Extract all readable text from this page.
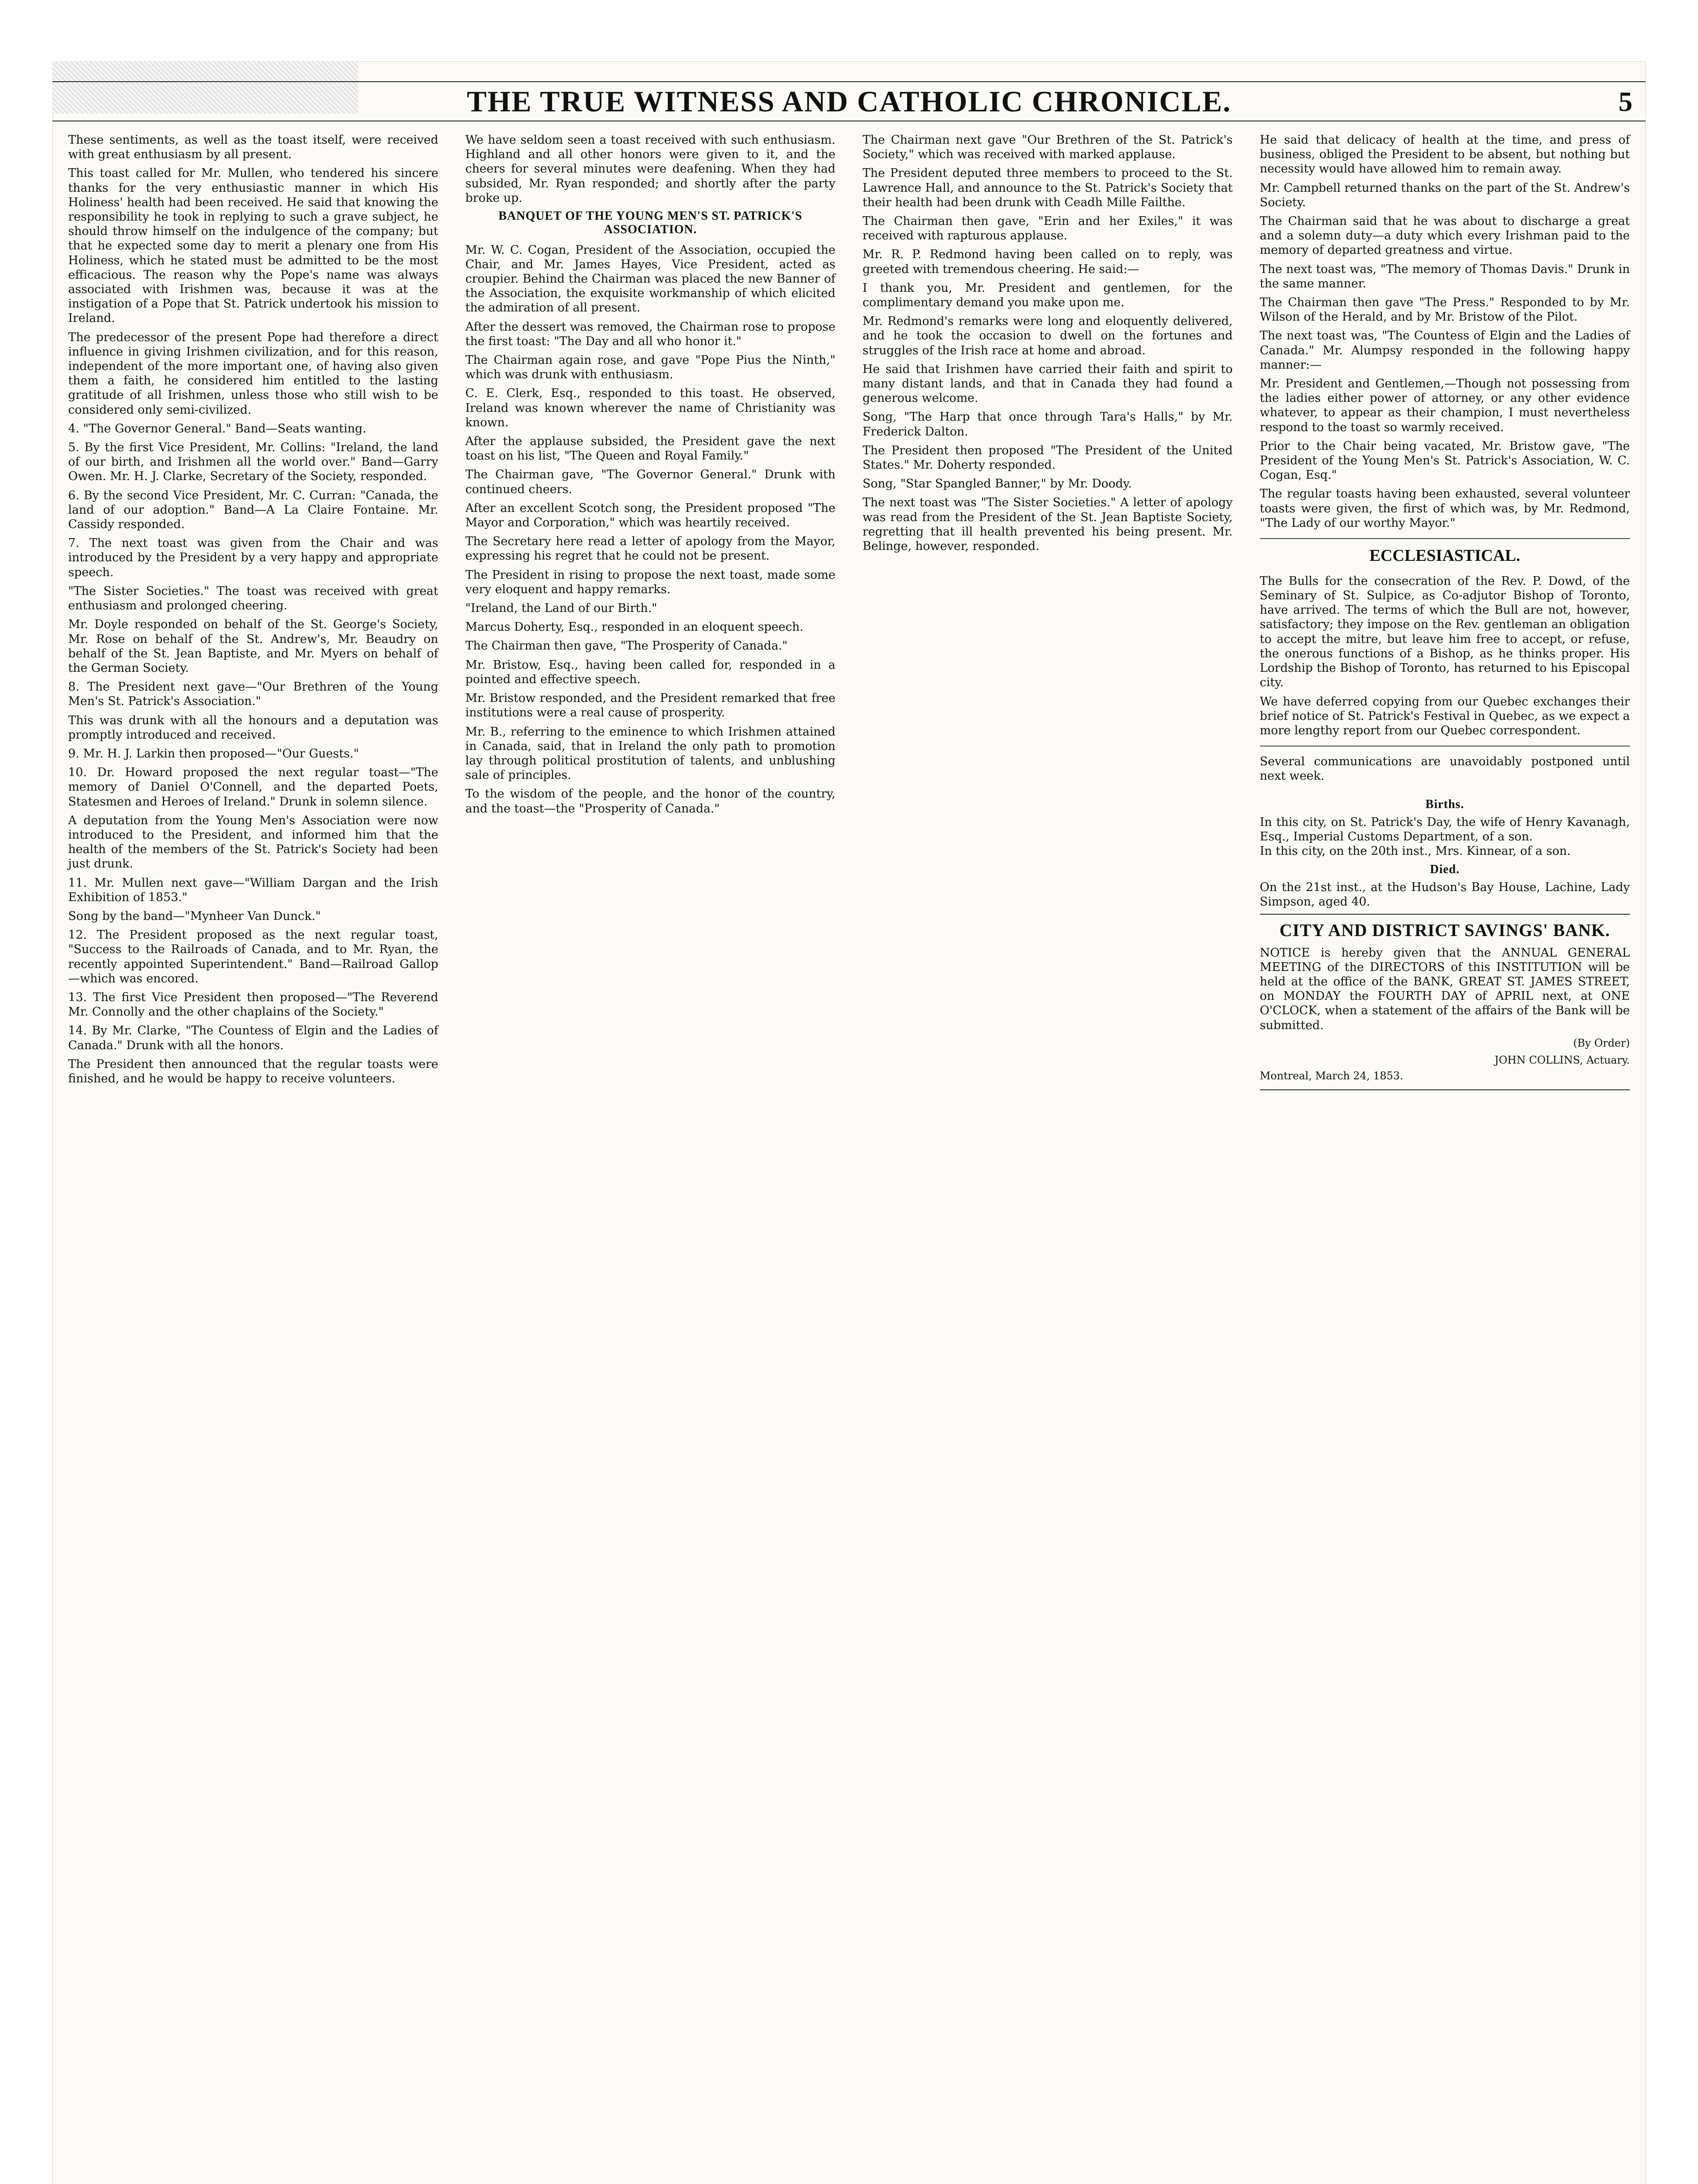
THE TRUE WITNESS AND CATHOLIC CHRONICLE.	5

These sentiments, as well as the toast itself, were received with great enthusiasm by all present.

This toast called for Mr. Mullen, who tendered his sincere thanks for the very enthusiastic manner in which His Holiness' health had been received. He said that knowing the responsibility he took in replying to such a grave subject, he should throw himself on the indulgence of the company; but that he expected some day to merit a plenary one from His Holiness, which he stated must be admitted to be the most efficacious. The reason why the Pope's name was always associated with Irishmen was, because it was at the instigation of a Pope that St. Patrick undertook his mission to Ireland.

The predecessor of the present Pope had therefore a direct influence in giving Irishmen civilization, and for this reason, independent of the more important one, of having also given them a faith, he considered him entitled to the lasting gratitude of all Irishmen, unless those who still wish to be considered only semi-civilized.

4. "The Governor General." Band—Seats wanting.

5. By the first Vice President, Mr. Collins: "Ireland, the land of our birth, and Irishmen all the world over." Band—Garry Owen. Mr. H. J. Clarke, Secretary of the Society, responded.

6. By the second Vice President, Mr. C. Curran: "Canada, the land of our adoption." Band—A La Claire Fontaine. Mr. Cassidy responded.

7. The next toast was given from the Chair and was introduced by the President by a very happy and appropriate speech.

"The Sister Societies." The toast was received with great enthusiasm and prolonged cheering.

Mr. Doyle responded on behalf of the St. George's Society, Mr. Rose on behalf of the St. Andrew's, Mr. Beaudry on behalf of the St. Jean Baptiste, and Mr. Myers on behalf of the German Society.

8. The President next gave—"Our Brethren of the Young Men's St. Patrick's Association."

This was drunk with all the honours and a deputation was promptly introduced and received.

9. Mr. H. J. Larkin then proposed—"Our Guests."

10. Dr. Howard proposed the next regular toast—"The memory of Daniel O'Connell, and the departed Poets, Statesmen and Heroes of Ireland." Drunk in solemn silence.

A deputation from the Young Men's Association were now introduced to the President, and informed him that the health of the members of the St. Patrick's Society had been just drunk.

11. Mr. Mullen next gave—"William Dargan and the Irish Exhibition of 1853."

Song by the band—"Mynheer Van Dunck."

12. The President proposed as the next regular toast, "Success to the Railroads of Canada, and to Mr. Ryan, the recently appointed Superintendent." Band—Railroad Gallop—which was encored.

13. The first Vice President then proposed—"The Reverend Mr. Connolly and the other chaplains of the Society."

14. By Mr. Clarke, "The Countess of Elgin and the Ladies of Canada." Drunk with all the honors.

The President then announced that the regular toasts were finished, and he would be happy to receive volunteers.

We have seldom seen a toast received with such enthusiasm. Highland and all other honors were given to it, and the cheers for several minutes were deafening. When they had subsided, Mr. Ryan responded; and shortly after the party broke up.

BANQUET OF THE YOUNG MEN'S ST. PATRICK'S ASSOCIATION.

Mr. W. C. Cogan, President of the Association, occupied the Chair, and Mr. James Hayes, Vice President, acted as croupier. Behind the Chairman was placed the new Banner of the Association, the exquisite workmanship of which elicited the admiration of all present.

After the dessert was removed, the Chairman rose to propose the first toast: "The Day and all who honor it."

The Chairman again rose, and gave "Pope Pius the Ninth," which was drunk with enthusiasm.

C. E. Clerk, Esq., responded to this toast. He observed, Ireland was known wherever the name of Christianity was known.

After the applause subsided, the President gave the next toast on his list, "The Queen and Royal Family."

The Chairman gave, "The Governor General." Drunk with continued cheers.

After an excellent Scotch song, the President proposed "The Mayor and Corporation," which was heartily received.

The Secretary here read a letter of apology from the Mayor, expressing his regret that he could not be present.

The President in rising to propose the next toast, made some very eloquent and happy remarks.

"Ireland, the Land of our Birth."

Marcus Doherty, Esq., responded in an eloquent speech.

The Chairman then gave, "The Prosperity of Canada."

Mr. Bristow, Esq., having been called for, responded in a pointed and effective speech.

Mr. Bristow responded, and the President remarked that free institutions were a real cause of prosperity.

Mr. B., referring to the eminence to which Irishmen attained in Canada, said, that in Ireland the only path to promotion lay through political prostitution of talents, and unblushing sale of principles.

To the wisdom of the people, and the honor of the country, and the toast—the "Prosperity of Canada."

The Chairman next gave "Our Brethren of the St. Patrick's Society," which was received with marked applause.

The President deputed three members to proceed to the St. Lawrence Hall, and announce to the St. Patrick's Society that their health had been drunk with Ceadh Mille Failthe.

The Chairman then gave, "Erin and her Exiles," it was received with rapturous applause.

Mr. R. P. Redmond having been called on to reply, was greeted with tremendous cheering. He said:—

I thank you, Mr. President and gentlemen, for the complimentary demand you make upon me.

Mr. Redmond's remarks were long and eloquently delivered, and he took the occasion to dwell on the fortunes and struggles of the Irish race at home and abroad.

He said that Irishmen have carried their faith and spirit to many distant lands, and that in Canada they had found a generous welcome.

Song, "The Harp that once through Tara's Halls," by Mr. Frederick Dalton.

The President then proposed "The President of the United States." Mr. Doherty responded.

Song, "Star Spangled Banner," by Mr. Doody.

The next toast was "The Sister Societies." A letter of apology was read from the President of the St. Jean Baptiste Society, regretting that ill health prevented his being present. Mr. Belinge, however, responded.

He said that delicacy of health at the time, and press of business, obliged the President to be absent, but nothing but necessity would have allowed him to remain away.

Mr. Campbell returned thanks on the part of the St. Andrew's Society.

The Chairman said that he was about to discharge a great and a solemn duty—a duty which every Irishman paid to the memory of departed greatness and virtue.

The next toast was, "The memory of Thomas Davis." Drunk in the same manner.

The Chairman then gave "The Press." Responded to by Mr. Wilson of the Herald, and by Mr. Bristow of the Pilot.

The next toast was, "The Countess of Elgin and the Ladies of Canada." Mr. Alumpsy responded in the following happy manner:—

Mr. President and Gentlemen,—Though not possessing from the ladies either power of attorney, or any other evidence whatever, to appear as their champion, I must nevertheless respond to the toast so warmly received.

Prior to the Chair being vacated, Mr. Bristow gave, "The President of the Young Men's St. Patrick's Association, W. C. Cogan, Esq."

The regular toasts having been exhausted, several volunteer toasts were given, the first of which was, by Mr. Redmond, "The Lady of our worthy Mayor."

ECCLESIASTICAL.

The Bulls for the consecration of the Rev. P. Dowd, of the Seminary of St. Sulpice, as Co-adjutor Bishop of Toronto, have arrived. The terms of which the Bull are not, however, satisfactory; they impose on the Rev. gentleman an obligation to accept the mitre, but leave him free to accept, or refuse, the onerous functions of a Bishop, as he thinks proper. His Lordship the Bishop of Toronto, has returned to his Episcopal city.

We have deferred copying from our Quebec exchanges their brief notice of St. Patrick's Festival in Quebec, as we expect a more lengthy report from our Quebec correspondent.

Several communications are unavoidably postponed until next week.

Births.

In this city, on St. Patrick's Day, the wife of Henry Kavanagh, Esq., Imperial Customs Department, of a son.
In this city, on the 20th inst., Mrs. Kinnear, of a son.

Died.

On the 21st inst., at the Hudson's Bay House, Lachine, Lady Simpson, aged 40.

CITY AND DISTRICT SAVINGS' BANK.

NOTICE is hereby given that the ANNUAL GENERAL MEETING of the DIRECTORS of this INSTITUTION will be held at the office of the BANK, GREAT ST. JAMES STREET, on MONDAY the FOURTH DAY of APRIL next, at ONE O'CLOCK, when a statement of the affairs of the Bank will be submitted.

(By Order)
JOHN COLLINS, Actuary.
Montreal, March 24, 1853.
